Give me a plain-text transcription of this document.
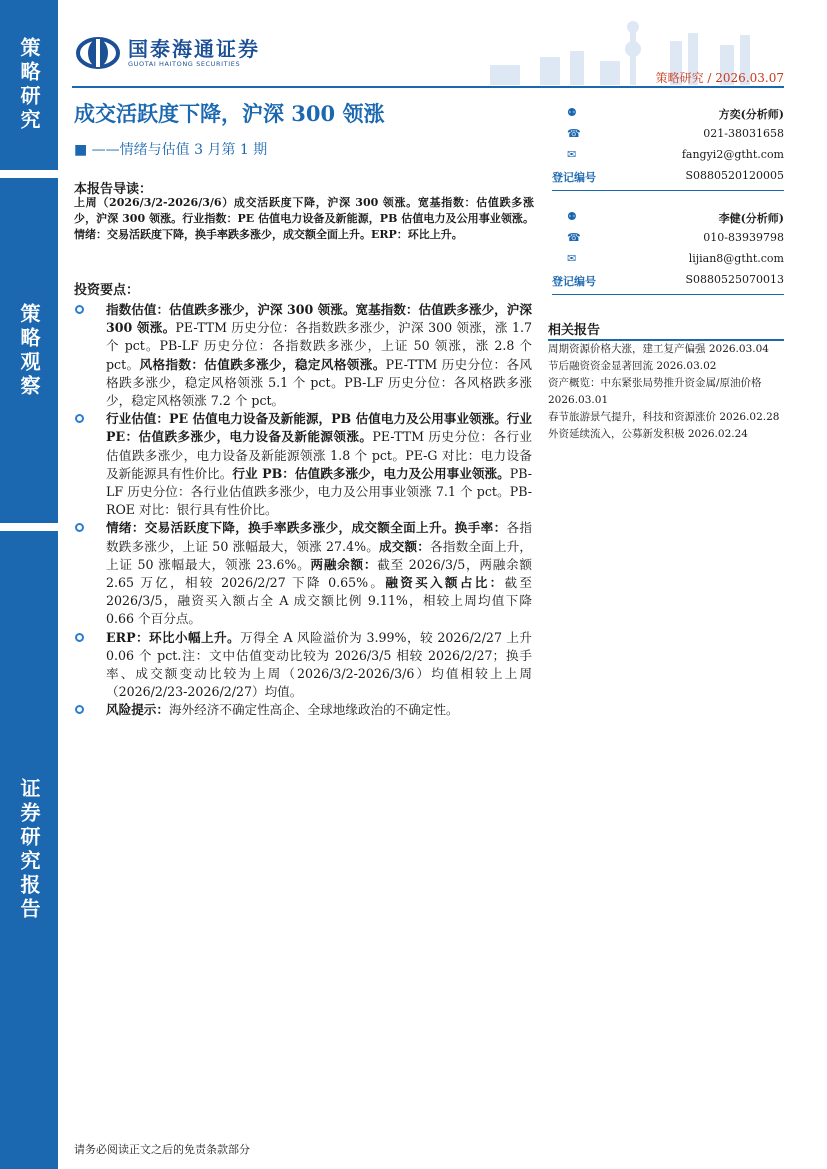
策略研究
策略观察
证券研究报告
国泰海通证券
GUOTAI HAITONG SECURITIES
策略研究 / 2026.03.07
成交活跃度下降，沪深 300 领涨
■ ——情绪与估值 3 月第 1 期
本报告导读：
上周（2026/3/2-2026/3/6）成交活跃度下降，沪深 300 领涨。宽基指数：估值跌多涨少，沪深 300 领涨。行业指数：PE 估值电力设备及新能源，PB 估值电力及公用事业领涨。情绪：交易活跃度下降，换手率跌多涨少，成交额全面上升。ERP：环比上升。
投资要点：
指数估值：估值跌多涨少，沪深 300 领涨。宽基指数：估值跌多涨少，沪深 300 领涨。PE-TTM 历史分位：各指数跌多涨少，沪深 300 领涨，涨 1.7 个 pct。PB-LF 历史分位：各指数跌多涨少，上证 50 领涨，涨 2.8 个 pct。风格指数：估值跌多涨少，稳定风格领涨。PE-TTM 历史分位：各风格跌多涨少，稳定风格领涨 5.1 个 pct。PB-LF 历史分位：各风格跌多涨少，稳定风格领涨 7.2 个 pct。
行业估值：PE 估值电力设备及新能源，PB 估值电力及公用事业领涨。行业 PE：估值跌多涨少，电力设备及新能源领涨。PE-TTM 历史分位：各行业估值跌多涨少，电力设备及新能源领涨 1.8 个 pct。PE-G 对比：电力设备及新能源具有性价比。行业 PB：估值跌多涨少，电力及公用事业领涨。PB-LF 历史分位：各行业估值跌多涨少，电力及公用事业领涨 7.1 个 pct。PB-ROE 对比：银行具有性价比。
情绪：交易活跃度下降，换手率跌多涨少，成交额全面上升。换手率：各指数跌多涨少，上证 50 涨幅最大，领涨 27.4%。成交额：各指数全面上升，上证 50 涨幅最大，领涨 23.6%。两融余额：截至 2026/3/5，两融余额 2.65 万亿，相较 2026/2/27 下降 0.65%。融资买入额占比：截至 2026/3/5，融资买入额占全 A 成交额比例 9.11%，相较上周均值下降 0.66 个百分点。
ERP：环比小幅上升。万得全 A 风险溢价为 3.99%，较 2026/2/27 上升 0.06 个 pct.注：文中估值变动比较为 2026/3/5 相较 2026/2/27；换手率、成交额变动比较为上周（2026/3/2-2026/3/6）均值相较上上周（2026/2/23-2026/2/27）均值。
风险提示：海外经济不确定性高企、全球地缘政治的不确定性。
⚉	方奕(分析师)
☎	021-38031658
✉	fangyi2@gtht.com
登记编号	S0880520120005
⚉	李健(分析师)
☎	010-83939798
✉	lijian8@gtht.com
登记编号	S0880525070013
相关报告
周期资源价格大涨，建工复产偏强 2026.03.04
节后融资资金显著回流 2026.03.02
资产概览：中东紧张局势推升资金属/原油价格 2026.03.01
春节旅游景气提升，科技和资源涨价 2026.02.28
外资延续流入，公募新发积极 2026.02.24
请务必阅读正文之后的免责条款部分
